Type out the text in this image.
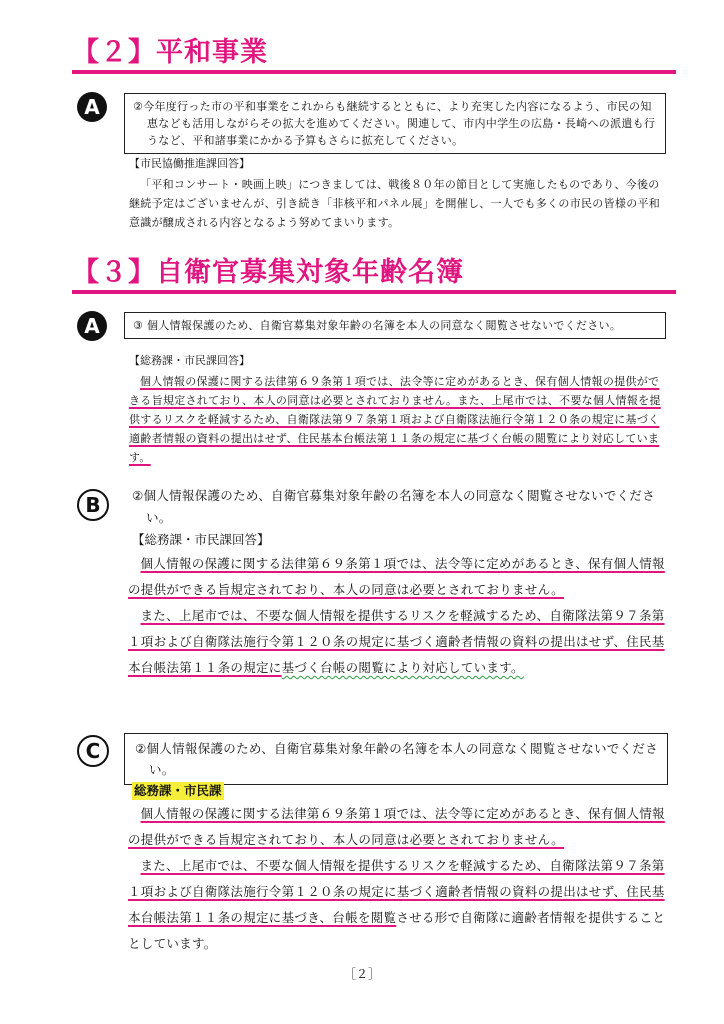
【２】平和事業
A	②今年度行った市の平和事業をこれからも継続するとともに、より充実した内容になるよう、市民の知恵なども活用しながらその拡大を進めてください。関連して、市内中学生の広島・長崎への派遣も行うなど、平和諸事業にかかる予算もさらに拡充してください。
【市民協働推進課回答】
「平和コンサート・映画上映」につきましては、戦後８０年の節目として実施したものであり、今後の継続予定はございませんが、引き続き「非核平和パネル展」を開催し、一人でも多くの市民の皆様の平和意識が醸成される内容となるよう努めてまいります。
【３】自衛官募集対象年齢名簿
A	③ 個人情報保護のため、自衛官募集対象年齢の名簿を本人の同意なく閲覧させないでください。
【総務課・市民課回答】
個人情報の保護に関する法律第６９条第１項では、法令等に定めがあるとき、保有個人情報の提供ができる旨規定されており、本人の同意は必要とされておりません。また、上尾市では、不要な個人情報を提供するリスクを軽減するため、自衛隊法第９７条第１項および自衛隊法施行令第１２０条の規定に基づく適齢者情報の資料の提出はせず、住民基本台帳法第１１条の規定に基づく台帳の閲覧により対応しています。
B	②個人情報保護のため、自衛官募集対象年齢の名簿を本人の同意なく閲覧させないでください。
【総務課・市民課回答】

個人情報の保護に関する法律第６９条第１項では、法令等に定めがあるとき、保有個人情報の提供ができる旨規定されており、本人の同意は必要とされておりません。

また、上尾市では、不要な個人情報を提供するリスクを軽減するため、自衛隊法第９７条第１項および自衛隊法施行令第１２０条の規定に基づく適齢者情報の資料の提出はせず、住民基本台帳法第１１条の規定に基づく台帳の閲覧により対応しています。

C	②個人情報保護のため、自衛官募集対象年齢の名簿を本人の同意なく閲覧させないでください。
総務課・市民課

個人情報の保護に関する法律第６９条第１項では、法令等に定めがあるとき、保有個人情報の提供ができる旨規定されており、本人の同意は必要とされておりません。

また、上尾市では、不要な個人情報を提供するリスクを軽減するため、自衛隊法第９７条第１項および自衛隊法施行令第１２０条の規定に基づく適齢者情報の資料の提出はせず、住民基本台帳法第１１条の規定に基づき、台帳を閲覧させる形で自衛隊に適齢者情報を提供することとしています。

［２］
